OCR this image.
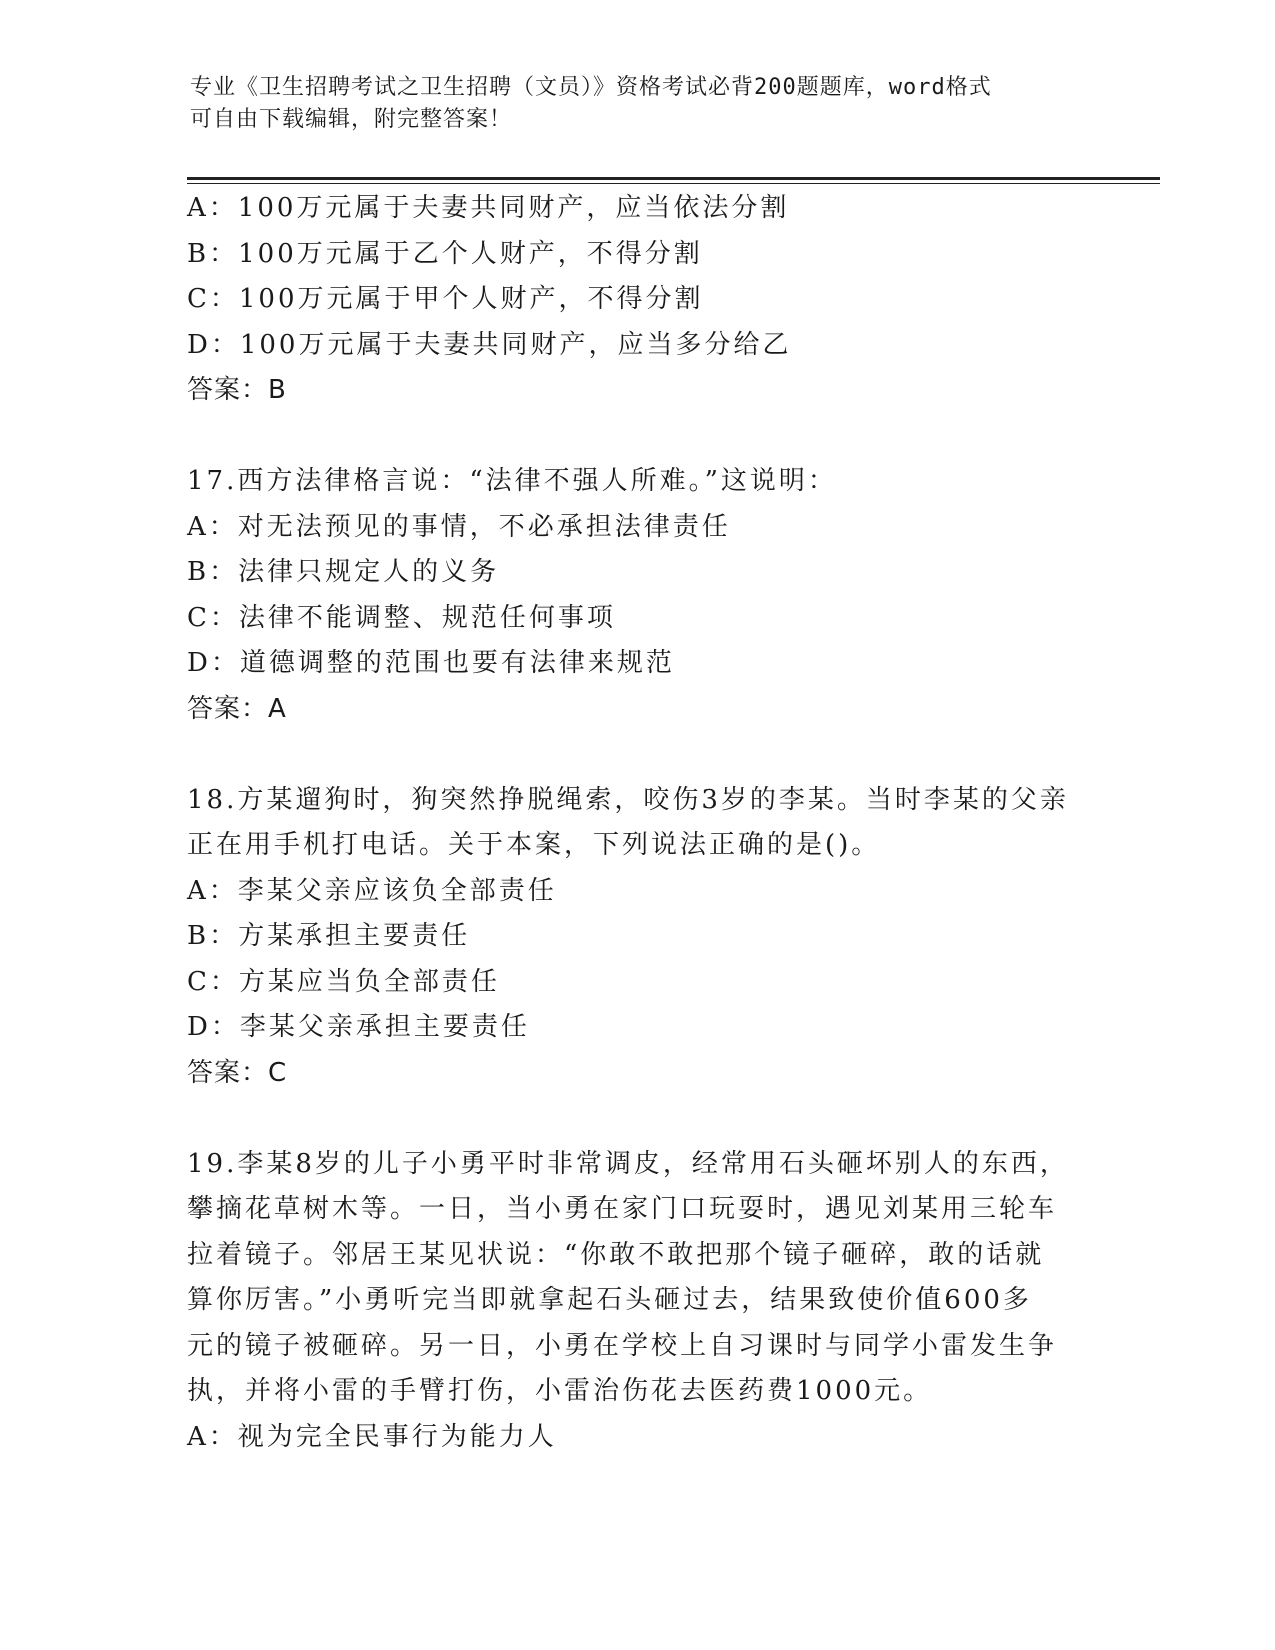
专业《卫生招聘考试之卫生招聘（文员）》资格考试必背200题题库，word格式
可自由下载编辑，附完整答案！
A：100万元属于夫妻共同财产，应当依法分割
B：100万元属于乙个人财产，不得分割
C：100万元属于甲个人财产，不得分割
D：100万元属于夫妻共同财产，应当多分给乙
答案：B
17.西方法律格言说：“法律不强人所难。”这说明：
A：对无法预见的事情，不必承担法律责任
B：法律只规定人的义务
C：法律不能调整、规范任何事项
D：道德调整的范围也要有法律来规范
答案：A
18.方某遛狗时，狗突然挣脱绳索，咬伤3岁的李某。当时李某的父亲
正在用手机打电话。关于本案，下列说法正确的是()。
A：李某父亲应该负全部责任
B：方某承担主要责任
C：方某应当负全部责任
D：李某父亲承担主要责任
答案：C
19.李某8岁的儿子小勇平时非常调皮，经常用石头砸坏别人的东西，
攀摘花草树木等。一日，当小勇在家门口玩耍时，遇见刘某用三轮车
拉着镜子。邻居王某见状说：“你敢不敢把那个镜子砸碎，敢的话就
算你厉害。”小勇听完当即就拿起石头砸过去，结果致使价值600多
元的镜子被砸碎。另一日，小勇在学校上自习课时与同学小雷发生争
执，并将小雷的手臂打伤，小雷治伤花去医药费1000元。
A：视为完全民事行为能力人
